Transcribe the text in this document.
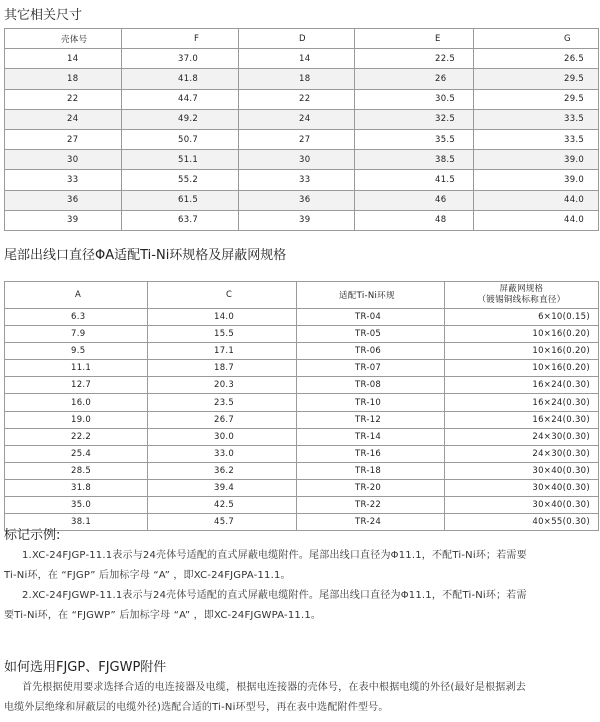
其它相关尺寸
壳体号	F	D	E	G
14	37.0	14	22.5	26.5
18	41.8	18	26	29.5
22	44.7	22	30.5	29.5
24	49.2	24	32.5	33.5
27	50.7	27	35.5	33.5
30	51.1	30	38.5	39.0
33	55.2	33	41.5	39.0
36	61.5	36	46	44.0
39	63.7	39	48	44.0
尾部出线口直径ΦA适配Ti-Ni环规格及屏蔽网规格
A	C	适配Ti-Ni环规	屏蔽网规格
（镀锡铜线标称直径）

6.3	14.0	TR-04	6×10(0.15)
7.9	15.5	TR-05	10×16(0.20)
9.5	17.1	TR-06	10×16(0.20)
11.1	18.7	TR-07	10×16(0.20)
12.7	20.3	TR-08	16×24(0.30)
16.0	23.5	TR-10	16×24(0.30)
19.0	26.7	TR-12	16×24(0.30)
22.2	30.0	TR-14	24×30(0.30)
25.4	33.0	TR-16	24×30(0.30)
28.5	36.2	TR-18	30×40(0.30)
31.8	39.4	TR-20	30×40(0.30)
35.0	42.5	TR-22	30×40(0.30)
38.1	45.7	TR-24	40×55(0.30)
标记示例:
1.XC-24FJGP-11.1表示与24壳体号适配的直式屏蔽电缆附件。尾部出线口直径为Φ11.1，不配Ti-Ni环；若需要
Ti-Ni环，在 “FJGP” 后加标字母 “A” ，即XC-24FJGPA-11.1。
2.XC-24FJGWP-11.1表示与24壳体号适配的直式屏蔽电缆附件。尾部出线口直径为Φ11.1，不配Ti-Ni环；若需
要Ti-Ni环，在 “FJGWP” 后加标字母 “A” ，即XC-24FJGWPA-11.1。
如何选用FJGP、FJGWP附件
首先根据使用要求选择合适的电连接器及电缆，根据电连接器的壳体号，在表中根据电缆的外径(最好是根据剥去
电缆外层绝缘和屏蔽层的电缆外径)选配合适的Ti-Ni环型号，再在表中选配附件型号。
